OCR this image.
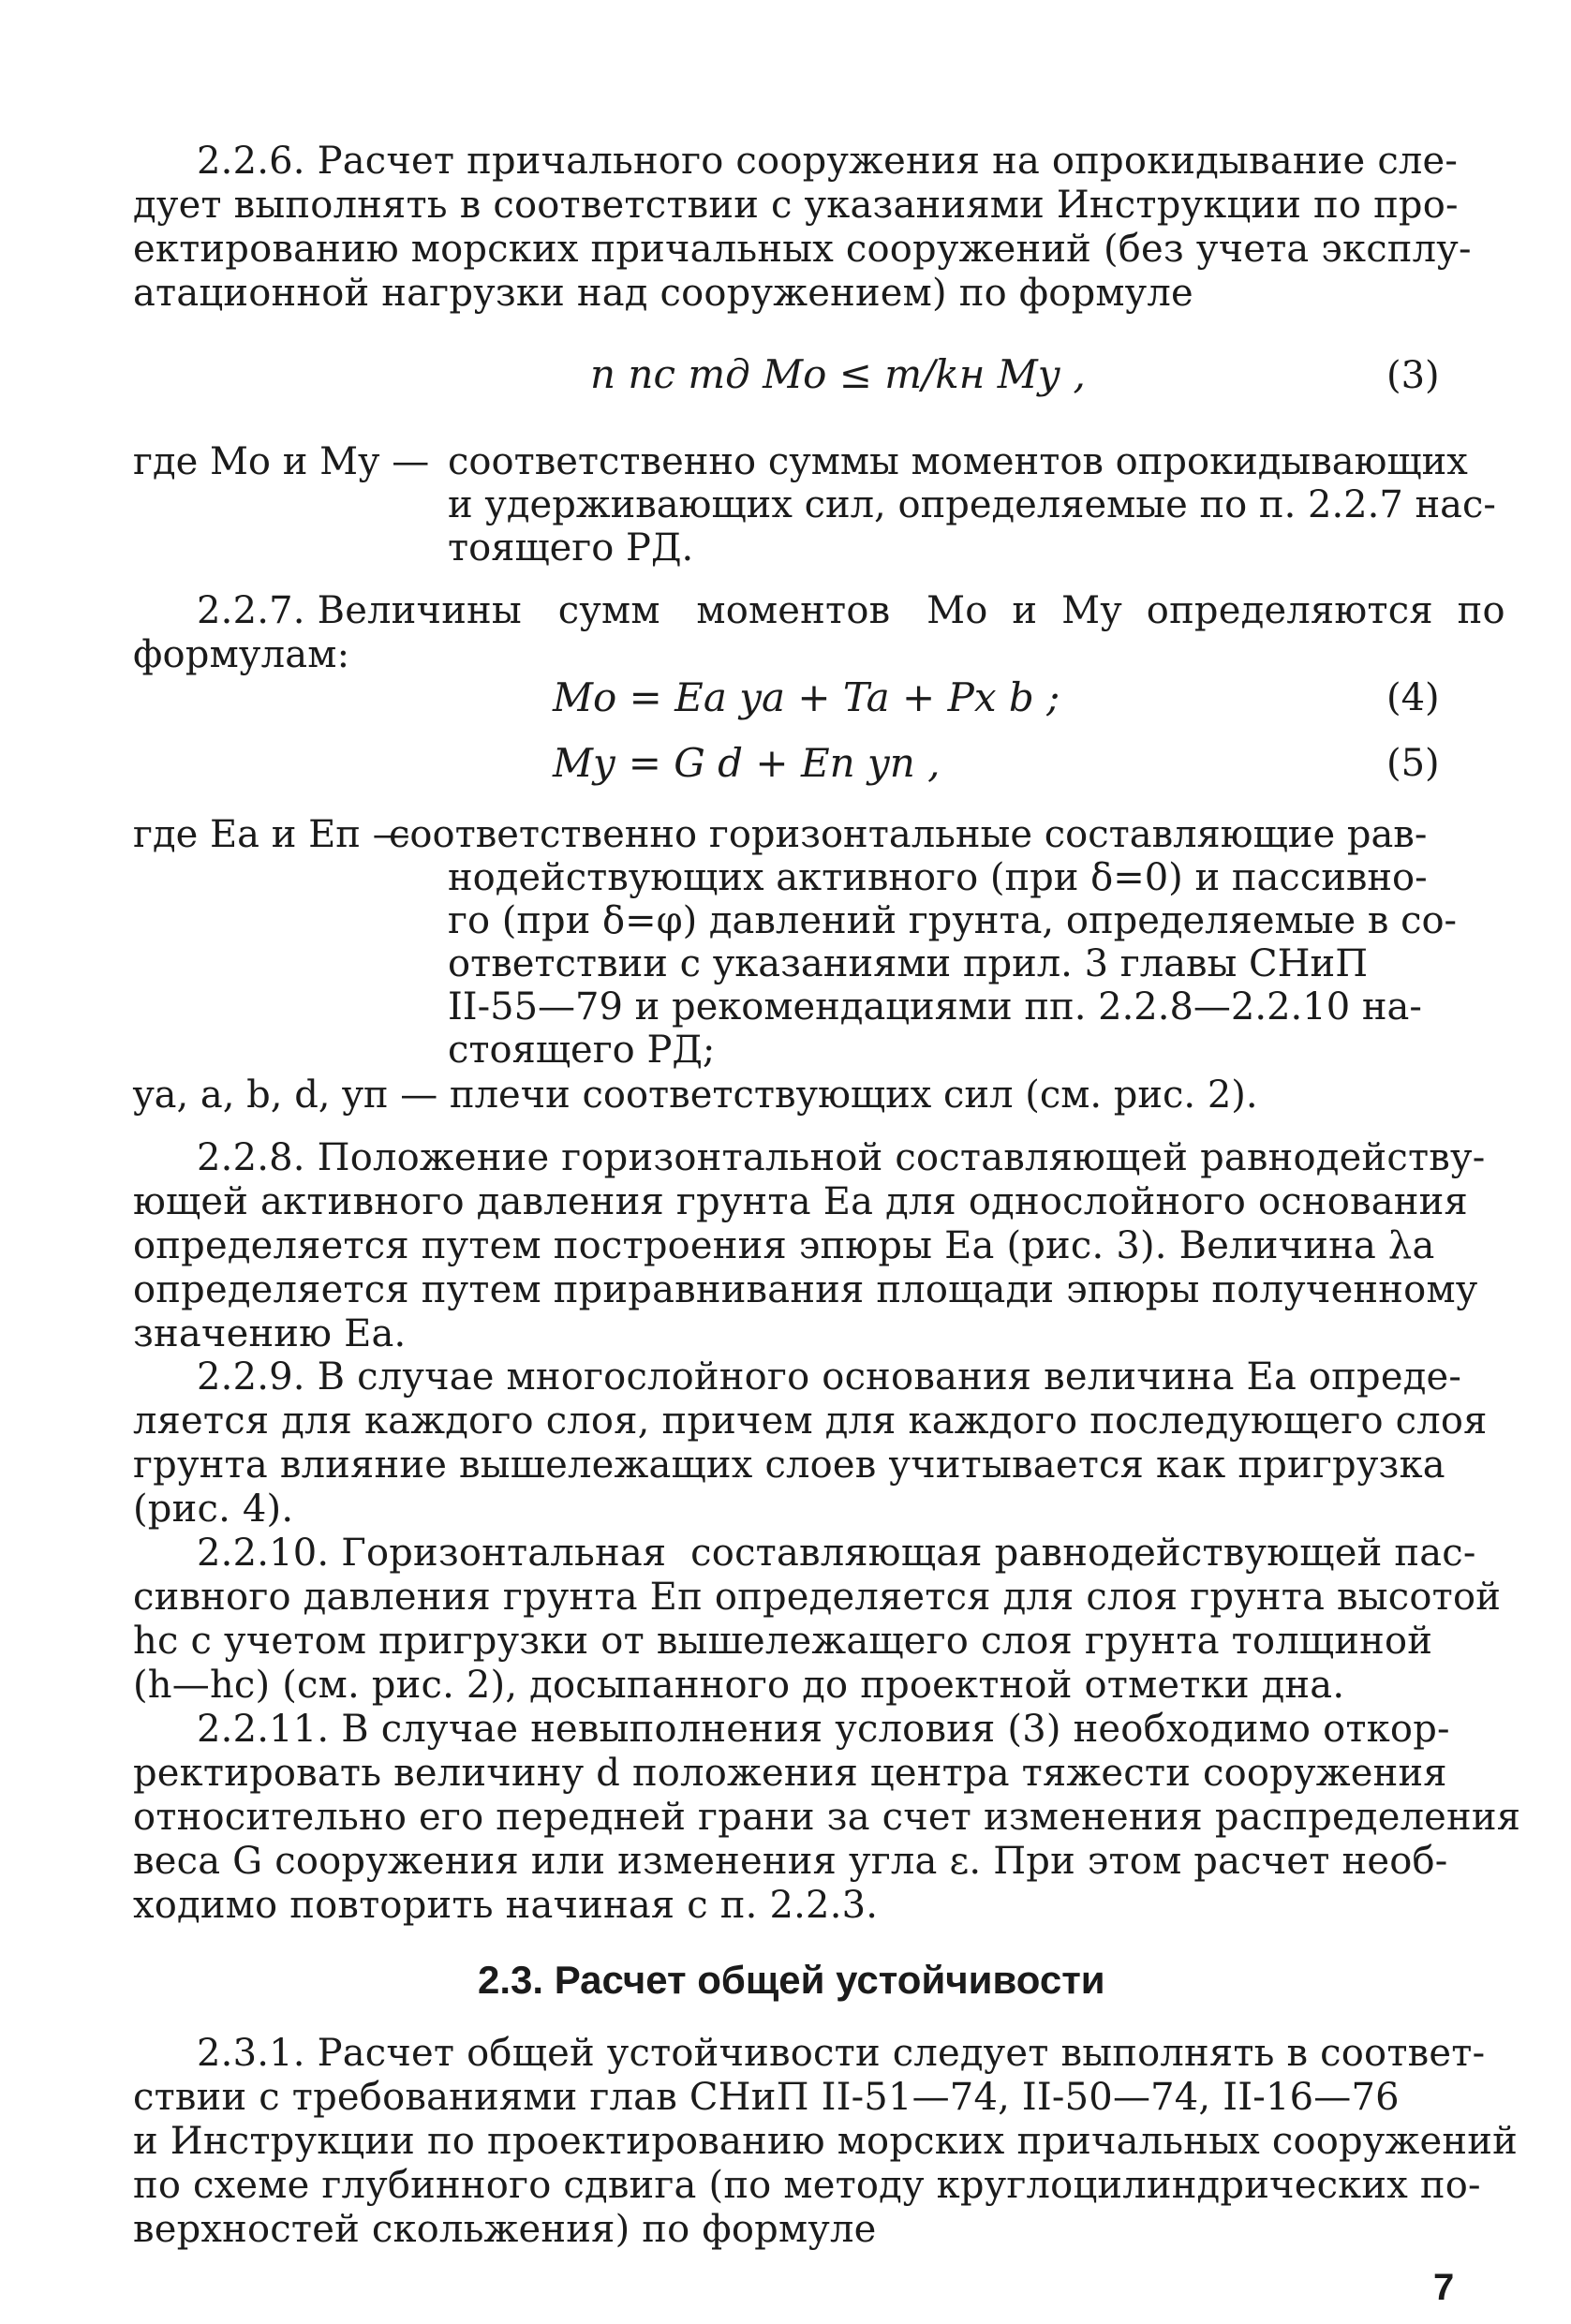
2.2.6. Расчет причального сооружения на опрокидывание сле-
дует выполнять в соответствии с указаниями Инструкции по про-
ектированию морских причальных сооружений (без учета эксплу-
атационной нагрузки над сооружением) по формуле
n nс mд Mо ≤ m/kн Mу ,	(3)
где Mо и Mу — соответственно суммы моментов опрокидывающих
и удерживающих сил, определяемые по п. 2.2.7 нас-
тоящего РД.
2.2.7. Величины   сумм   моментов   Mо  и  Mу  определяются  по
формулам:
Mо = Eа yа + Ta + Px b ;	(4)
Mу = G d + Eп yп ,	(5)
где Eа и Eп —
соответственно горизонтальные составляющие рав-
нодействующих активного (при δ=0) и пассивно-
го (при δ=φ) давлений грунта, определяемые в со-
ответствии с указаниями прил. 3 главы СНиП
II-55—79 и рекомендациями пп. 2.2.8—2.2.10 на-
стоящего РД;
yа, a, b, d, yп — плечи соответствующих сил (см. рис. 2).
2.2.8. Положение горизонтальной составляющей равнодейству-
ющей активного давления грунта Eа для однослойного основания
определяется путем построения эпюры Eа (рис. 3). Величина λа
определяется путем приравнивания площади эпюры полученному
значению Eа.
2.2.9. В случае многослойного основания величина Eа опреде-
ляется для каждого слоя, причем для каждого последующего слоя
грунта влияние вышележащих слоев учитывается как пригрузка
(рис. 4).
2.2.10. Горизонтальная  составляющая равнодействующей пас-
сивного давления грунта Eп определяется для слоя грунта высотой
hс с учетом пригрузки от вышележащего слоя грунта толщиной
(h—hс) (см. рис. 2), досыпанного до проектной отметки дна.
2.2.11. В случае невыполнения условия (3) необходимо откор-
ректировать величину d положения центра тяжести сооружения
относительно его передней грани за счет изменения распределения
веса G сооружения или изменения угла ε. При этом расчет необ-
ходимо повторить начиная с п. 2.2.3.
2.3. Расчет общей устойчивости
2.3.1. Расчет общей устойчивости следует выполнять в соответ-
ствии с требованиями глав СНиП II-51—74, II-50—74, II-16—76
и Инструкции по проектированию морских причальных сооружений
по схеме глубинного сдвига (по методу круглоцилиндрических по-
верхностей скольжения) по формуле
7
